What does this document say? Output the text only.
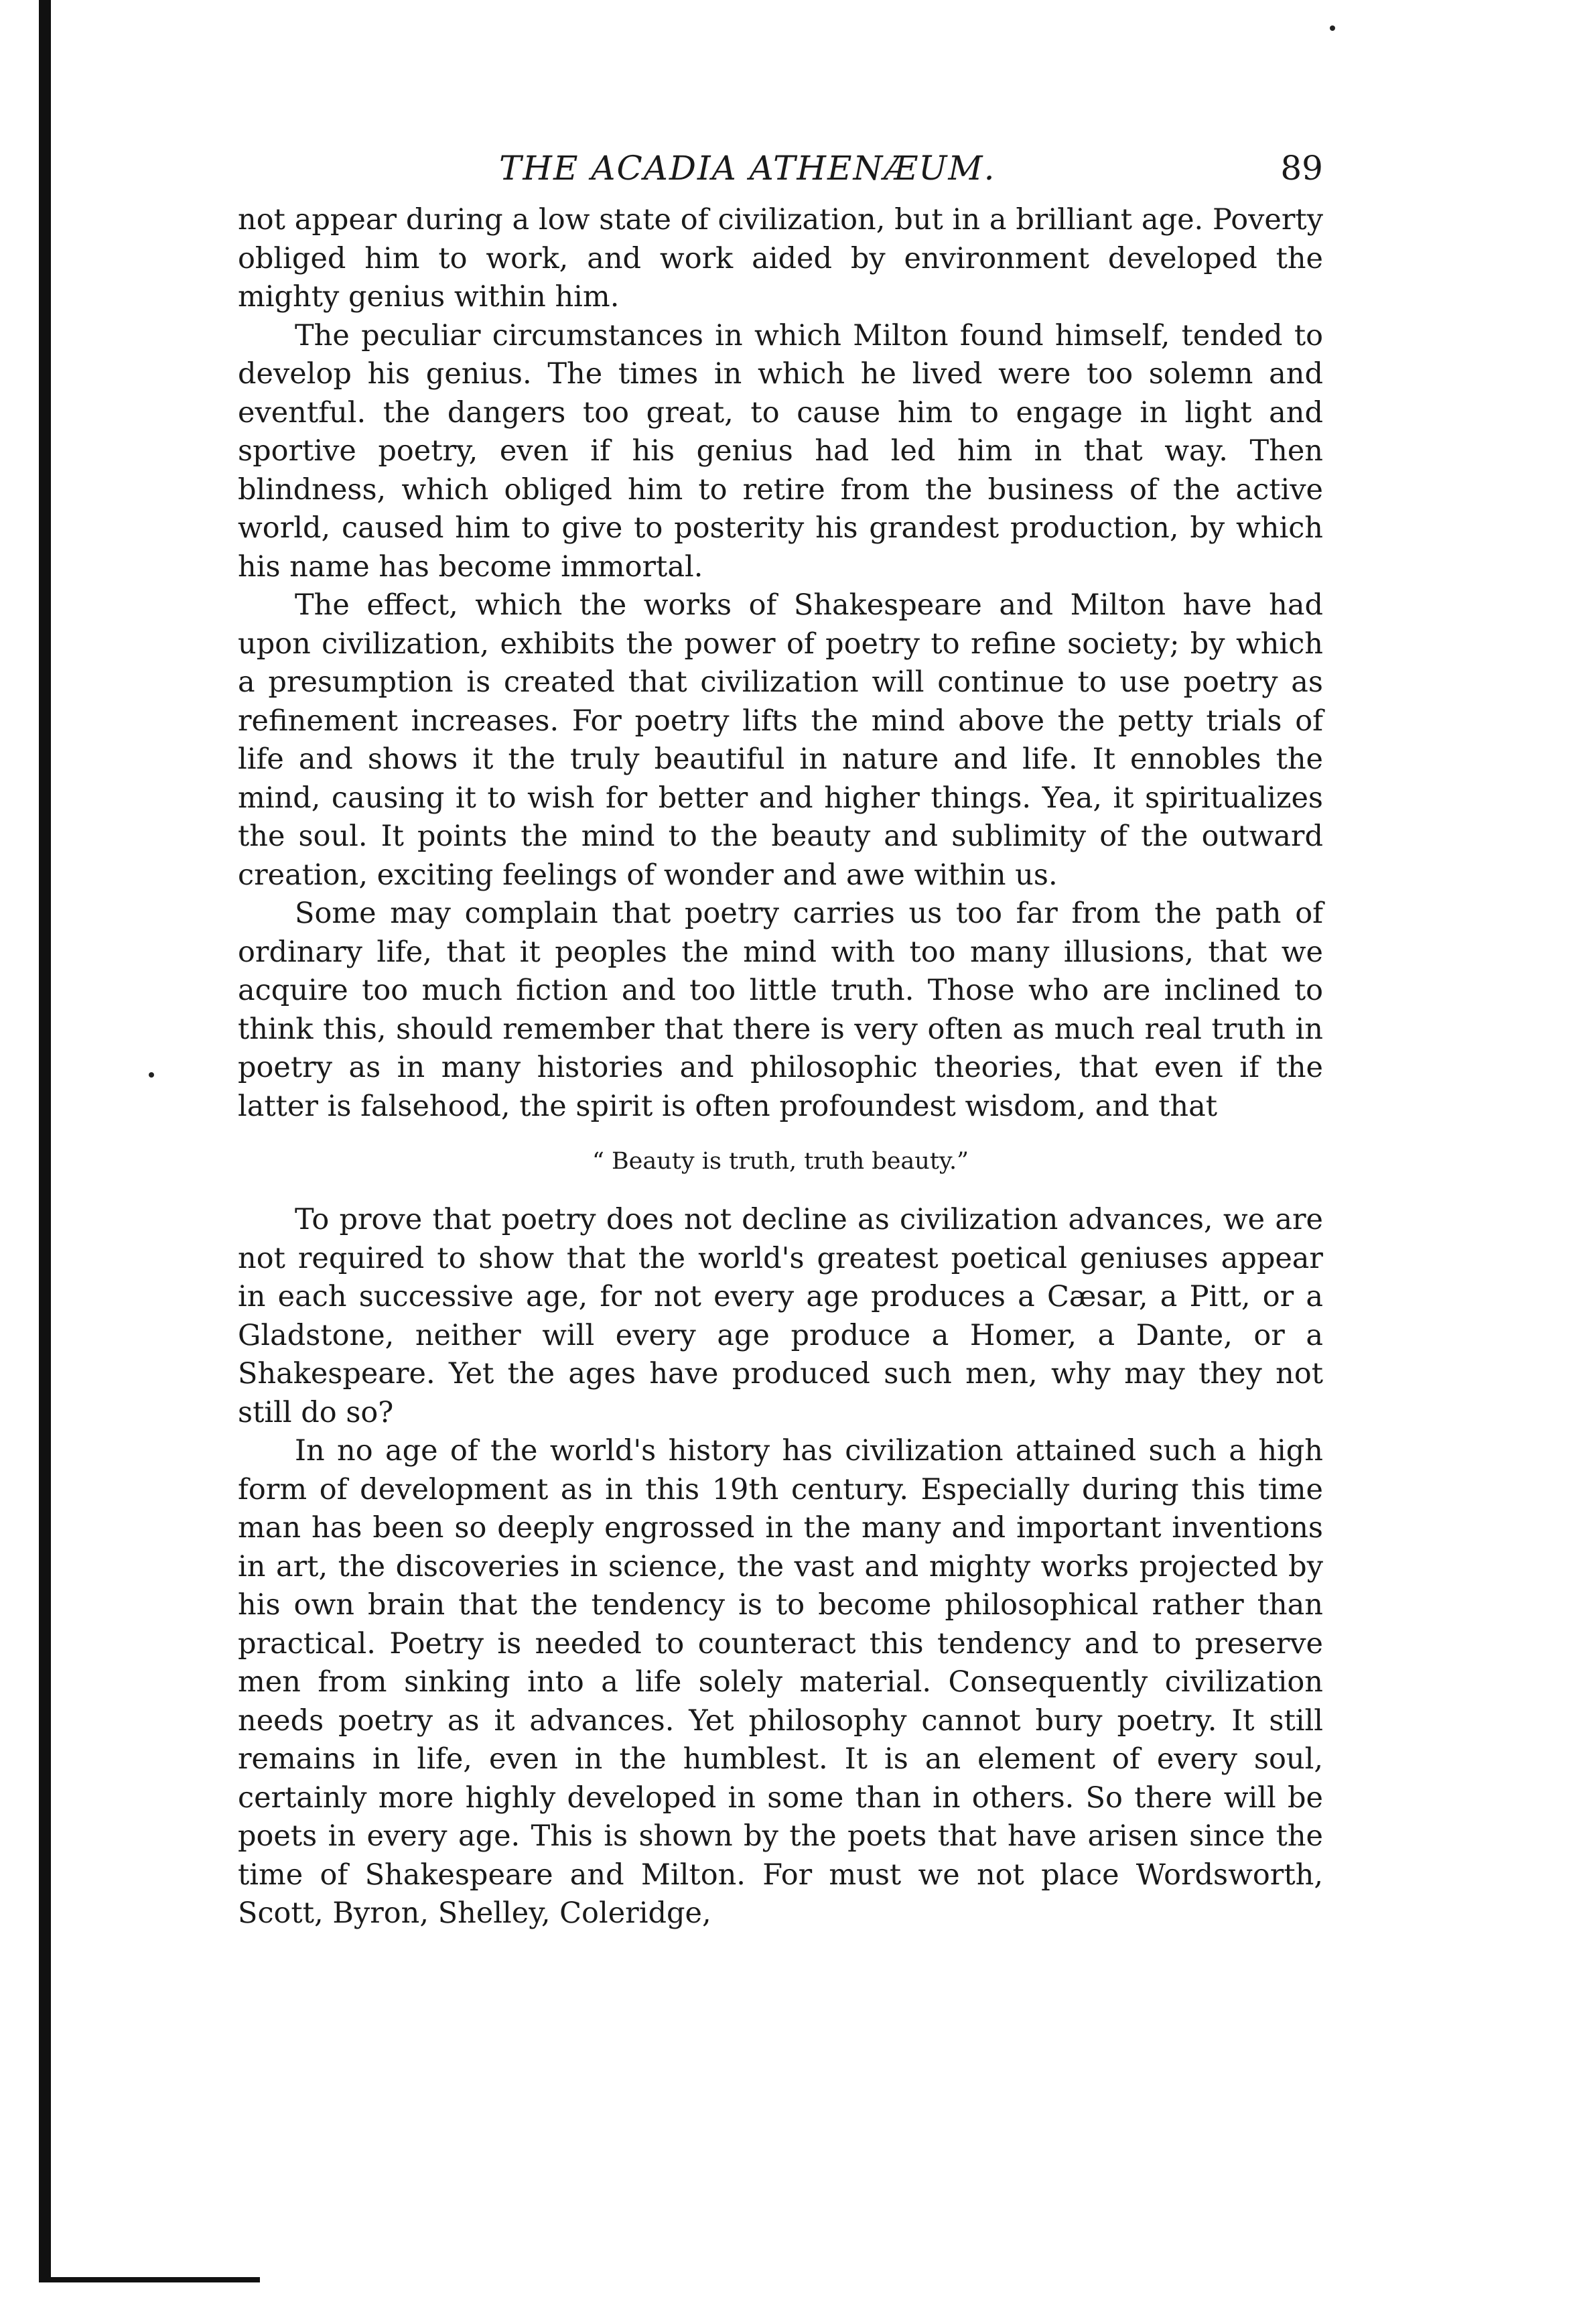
THE ACADIA ATHENÆUM.	89

not appear during a low state of civilization, but in a brilliant age. Poverty obliged him to work, and work aided by environment developed the mighty genius within him.

The peculiar circumstances in which Milton found himself, tended to develop his genius. The times in which he lived were too solemn and eventful. the dangers too great, to cause him to engage in light and sportive poetry, even if his genius had led him in that way. Then blindness, which obliged him to retire from the business of the active world, caused him to give to posterity his grandest production, by which his name has become immortal.

The effect, which the works of Shakespeare and Milton have had upon civilization, exhibits the power of poetry to refine society; by which a presumption is created that civilization will continue to use poetry as refinement increases. For poetry lifts the mind above the petty trials of life and shows it the truly beautiful in nature and life. It ennobles the mind, causing it to wish for better and higher things. Yea, it spiritualizes the soul. It points the mind to the beauty and sublimity of the outward creation, exciting feelings of wonder and awe within us.

Some may complain that poetry carries us too far from the path of ordinary life, that it peoples the mind with too many illusions, that we acquire too much fiction and too little truth. Those who are inclined to think this, should remember that there is very often as much real truth in poetry as in many histories and philosophic theories, that even if the latter is falsehood, the spirit is often profoundest wisdom, and that

“ Beauty is truth, truth beauty.”

To prove that poetry does not decline as civilization advances, we are not required to show that the world's greatest poetical geniuses appear in each successive age, for not every age produces a Cæsar, a Pitt, or a Gladstone, neither will every age produce a Homer, a Dante, or a Shakespeare. Yet the ages have produced such men, why may they not still do so?

In no age of the world's history has civilization attained such a high form of development as in this 19th century. Especially during this time man has been so deeply engrossed in the many and important inventions in art, the discoveries in science, the vast and mighty works projected by his own brain that the tendency is to become philosophical rather than practical. Poetry is needed to counteract this tendency and to preserve men from sinking into a life solely material. Consequently civilization needs poetry as it advances. Yet philosophy cannot bury poetry. It still remains in life, even in the humblest. It is an element of every soul, certainly more highly developed in some than in others. So there will be poets in every age. This is shown by the poets that have arisen since the time of Shakespeare and Milton. For must we not place Wordsworth, Scott, Byron, Shelley, Coleridge,
